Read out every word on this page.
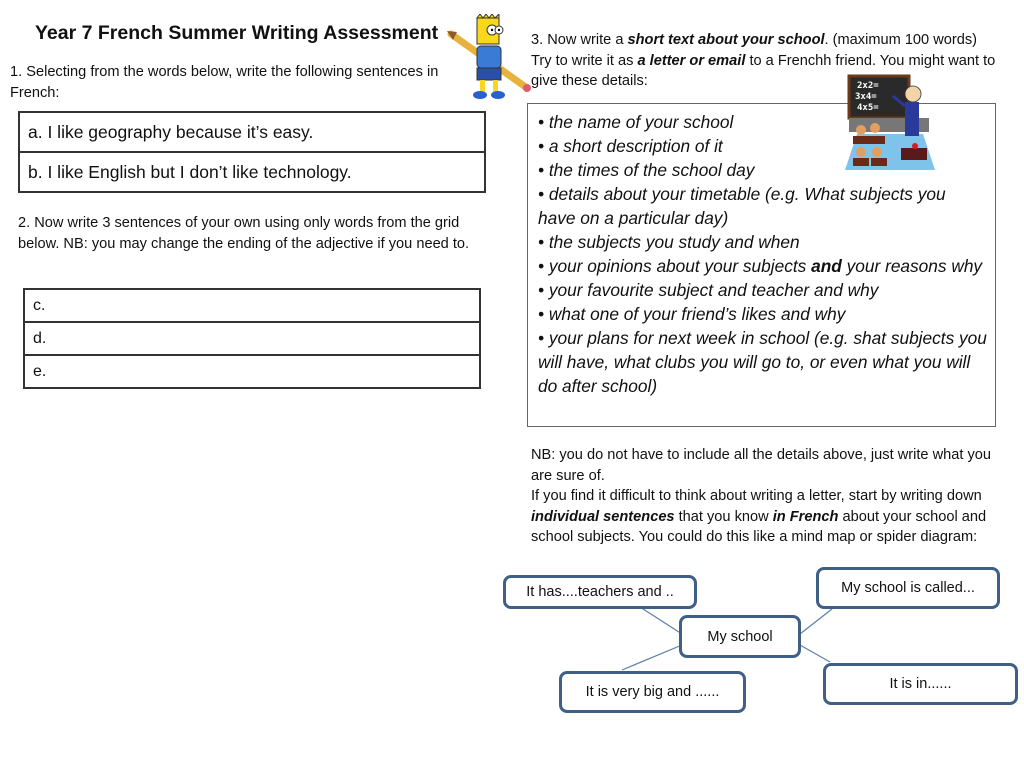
Year 7 French Summer Writing Assessment
1. Selecting from the words below, write the following sentences in French:
a. I like geography because it’s easy.
b. I like English but I don’t like technology.
2. Now write 3 sentences of your own using only words from the grid below. NB: you may change the ending of the adjective if you need to.
c.
d.
e.
3. Now write a short text about your school. (maximum 100 words) Try to write it as a letter or email to a Frenchh friend. You might want to give these details:
• the name of your school
• a short description of it
• the times of the school day
• details about your timetable (e.g. What subjects you have on a particular day)
• the subjects you study and when
• your opinions about your subjects and your reasons why
• your favourite subject and teacher and why
• what one of your friend’s likes and why
• your plans for next week in school (e.g. shat subjects you will have, what clubs you will go to, or even what you will do after school)
2x2=
3x4=
4x5=
NB: you do not have to include all the details above, just write what you are sure of.
If you find it difficult to think about writing a letter, start by writing down individual sentences that you know in French about your school and school subjects. You could do this like a mind map or spider diagram:
It has....teachers and ..	My school is called...
My school
It is very big and ......	It is in......
